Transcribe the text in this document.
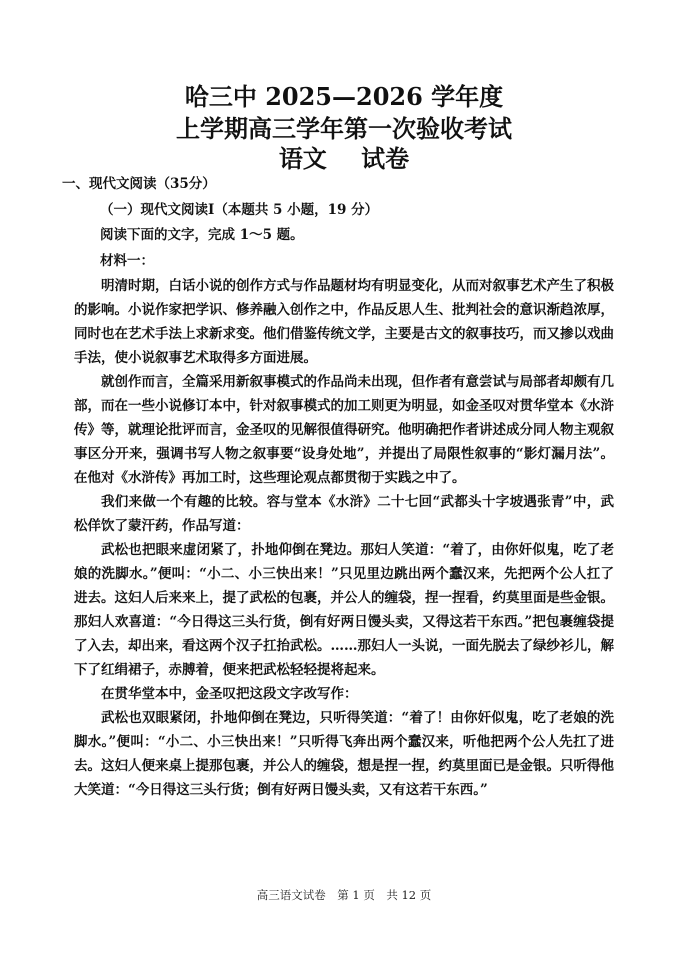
哈三中 2025—2026 学年度
上学期高三学年第一次验收考试
语文 试卷
一、现代文阅读（35分）
（一）现代文阅读Ⅰ（本题共 5 小题，19 分）
阅读下面的文字，完成 1～5 题。
材料一：

明清时期，白话小说的创作方式与作品题材均有明显变化，从而对叙事艺术产生了积极的影响。小说作家把学识、修养融入创作之中，作品反思人生、批判社会的意识渐趋浓厚，同时也在艺术手法上求新求变。他们借鉴传统文学，主要是古文的叙事技巧，而又掺以戏曲手法，使小说叙事艺术取得多方面进展。

就创作而言，全篇采用新叙事模式的作品尚未出现，但作者有意尝试与局部者却颇有几部，而在一些小说修订本中，针对叙事模式的加工则更为明显，如金圣叹对贯华堂本《水浒传》等，就理论批评而言，金圣叹的见解很值得研究。他明确把作者讲述成分同人物主观叙事区分开来，强调书写人物之叙事要“设身处地”，并提出了局限性叙事的“影灯漏月法”。在他对《水浒传》再加工时，这些理论观点都贯彻于实践之中了。

我们来做一个有趣的比较。容与堂本《水浒》二十七回“武都头十字坡遇张青”中，武松佯饮了蒙汗药，作品写道：

武松也把眼来虚闭紧了，扑地仰倒在凳边。那妇人笑道：“着了，由你奸似鬼，吃了老娘的洗脚水。”便叫：“小二、小三快出来！”只见里边跳出两个蠢汉来，先把两个公人扛了进去。这妇人后来来上，提了武松的包裹，并公人的缠袋，捏一捏看，约莫里面是些金银。那妇人欢喜道：“今日得这三头行货，倒有好两日馒头卖，又得这若干东西。”把包裹缠袋提了入去，却出来，看这两个汉子扛抬武松。……那妇人一头说，一面先脱去了绿纱衫儿，解下了红绢裙子，赤膊着，便来把武松轻轻提将起来。

在贯华堂本中，金圣叹把这段文字改写作：

武松也双眼紧闭，扑地仰倒在凳边，只听得笑道：“着了！由你奸似鬼，吃了老娘的洗脚水。”便叫：“小二、小三快出来！”只听得飞奔出两个蠢汉来，听他把两个公人先扛了进去。这妇人便来桌上提那包裹，并公人的缠袋，想是捏一捏，约莫里面已是金银。只听得他大笑道：“今日得这三头行货；倒有好两日馒头卖，又有这若干东西。”

高三语文试卷　第 1 页　共 12 页
